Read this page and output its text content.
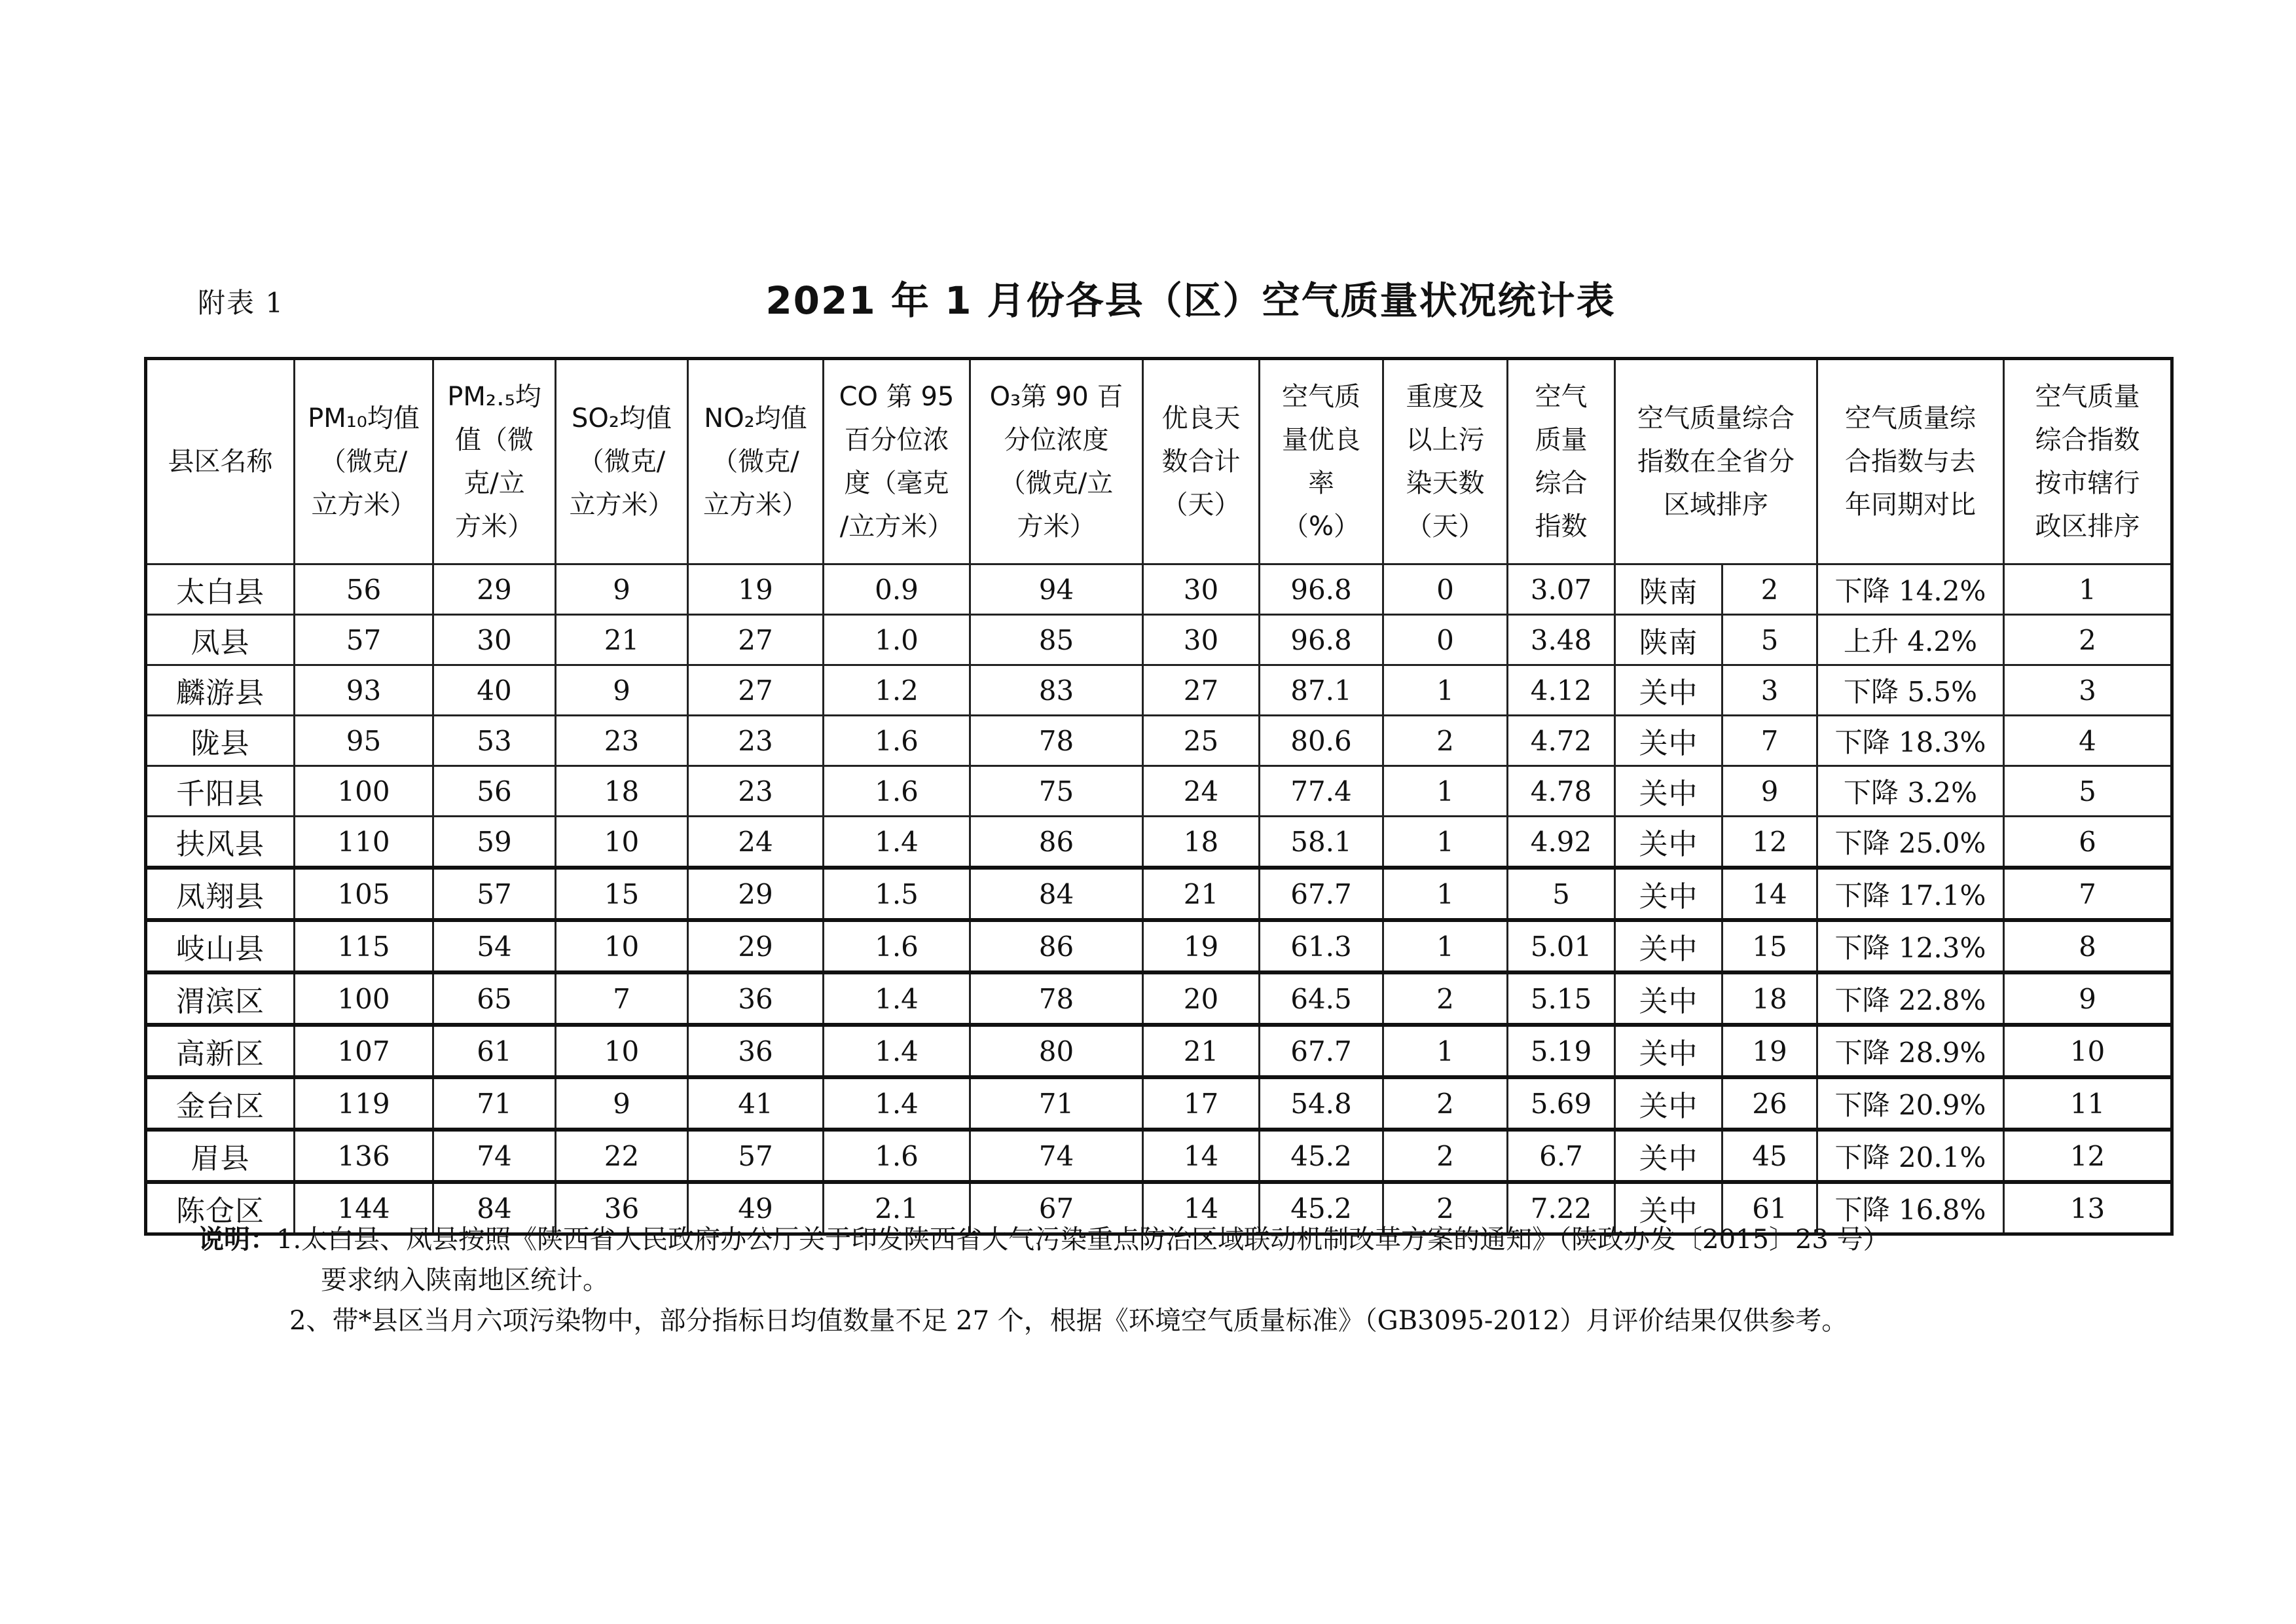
附表 1	2021 年 1 月份各县（区）空气质量状况统计表
县区名称	PM₁₀均值
（微克/
立方米）	PM₂.₅均
值（微
克/立
方米）	SO₂均值
（微克/
立方米）	NO₂均值
（微克/
立方米）	CO 第 95
百分位浓
度（毫克
/立方米）	O₃第 90 百
分位浓度
（微克/立
方米）	优良天
数合计
（天）	空气质
量优良
率
（%）	重度及
以上污
染天数
（天）	空气
质量
综合
指数	空气质量综合
指数在全省分
区域排序		空气质量综
合指数与去
年同期对比	空气质量
综合指数
按市辖行
政区排序

太白县	56	29	9	19	0.9	94	30	96.8	0	3.07	陕南	2	下降 14.2%	1
凤县	57	30	21	27	1.0	85	30	96.8	0	3.48	陕南	5	上升 4.2%	2
麟游县	93	40	9	27	1.2	83	27	87.1	1	4.12	关中	3	下降 5.5%	3
陇县	95	53	23	23	1.6	78	25	80.6	2	4.72	关中	7	下降 18.3%	4
千阳县	100	56	18	23	1.6	75	24	77.4	1	4.78	关中	9	下降 3.2%	5
扶风县	110	59	10	24	1.4	86	18	58.1	1	4.92	关中	12	下降 25.0%	6
凤翔县	105	57	15	29	1.5	84	21	67.7	1	5	关中	14	下降 17.1%	7
岐山县	115	54	10	29	1.6	86	19	61.3	1	5.01	关中	15	下降 12.3%	8
渭滨区	100	65	7	36	1.4	78	20	64.5	2	5.15	关中	18	下降 22.8%	9
高新区	107	61	10	36	1.4	80	21	67.7	1	5.19	关中	19	下降 28.9%	10
金台区	119	71	9	41	1.4	71	17	54.8	2	5.69	关中	26	下降 20.9%	11
眉县	136	74	22	57	1.6	74	14	45.2	2	6.7	关中	45	下降 20.1%	12
陈仓区	144	84	36	49	2.1	67	14	45.2	2	7.22	关中	61	下降 16.8%	13
说明：1.太白县、凤县按照《陕西省人民政府办公厅关于印发陕西省大气污染重点防治区域联动机制改革方案的通知》（陕政办发〔2015〕23 号）
要求纳入陕南地区统计。
2、带*县区当月六项污染物中，部分指标日均值数量不足 27 个，根据《环境空气质量标准》（GB3095-2012）月评价结果仅供参考。
